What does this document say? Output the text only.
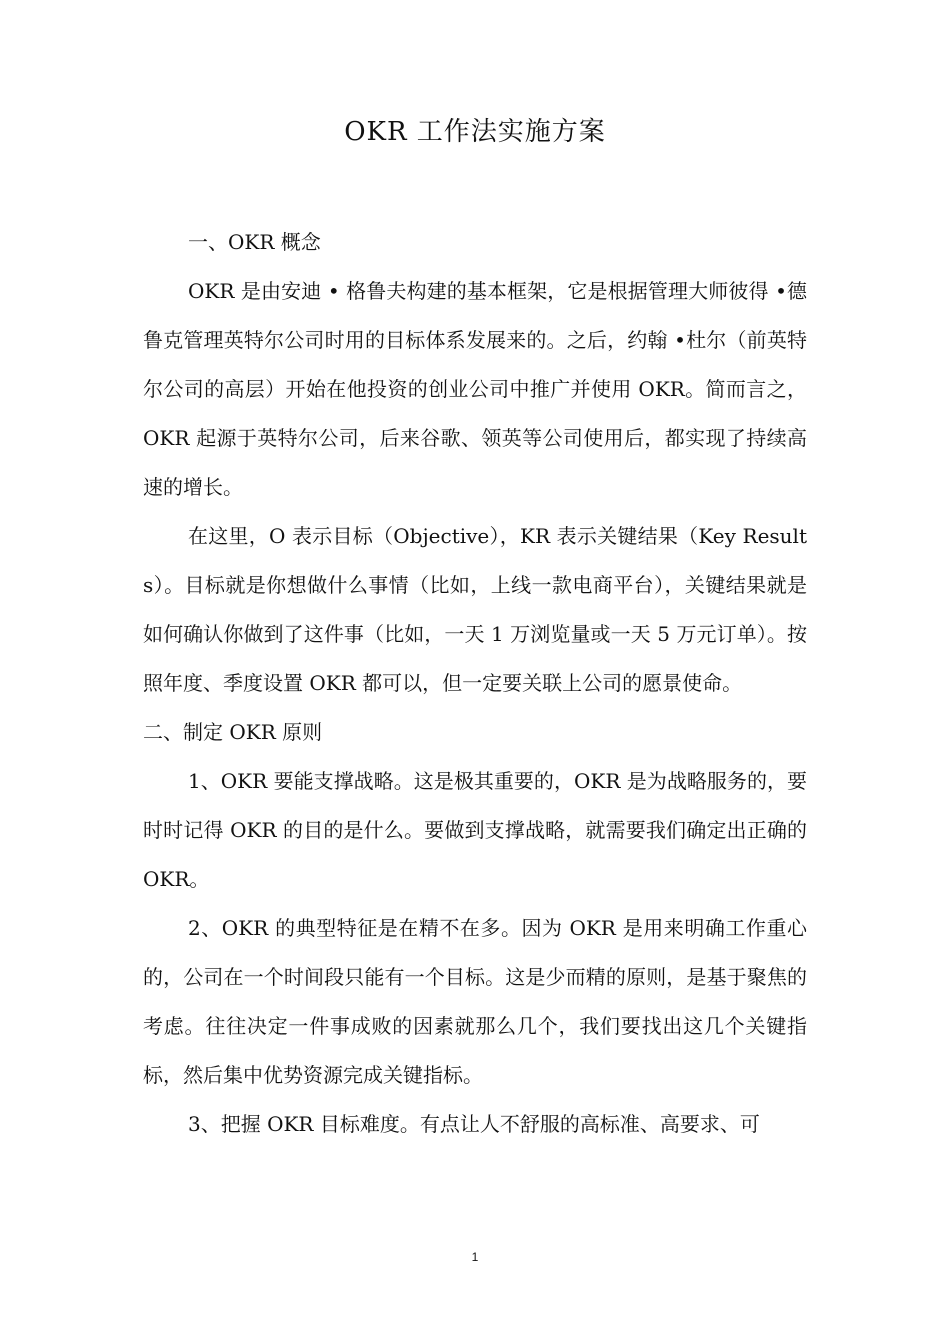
OKR 工作法实施方案

一、OKR 概念

OKR 是由安迪 • 格鲁夫构建的基本框架，它是根据管理大师彼得 •德鲁克管理英特尔公司时用的目标体系发展来的。之后，约翰 •杜尔（前英特尔公司的高层）开始在他投资的创业公司中推广并使用 OKR。简而言之，OKR 起源于英特尔公司，后来谷歌、领英等公司使用后，都实现了持续高速的增长。

在这里，O 表示目标（Objective），KR 表示关键结果（Key Results）。目标就是你想做什么事情（比如，上线一款电商平台），关键结果就是如何确认你做到了这件事（比如，一天 1 万浏览量或一天 5 万元订单）。按照年度、季度设置 OKR 都可以，但一定要关联上公司的愿景使命。

二、制定 OKR 原则

1、OKR 要能支撑战略。这是极其重要的，OKR 是为战略服务的，要时时记得 OKR 的目的是什么。要做到支撑战略，就需要我们确定出正确的 OKR。

2、OKR 的典型特征是在精不在多。因为 OKR 是用来明确工作重心的，公司在一个时间段只能有一个目标。这是少而精的原则，是基于聚焦的考虑。往往决定一件事成败的因素就那么几个，我们要找出这几个关键指标，然后集中优势资源完成关键指标。

3、把握 OKR 目标难度。有点让人不舒服的高标准、高要求、可

1
